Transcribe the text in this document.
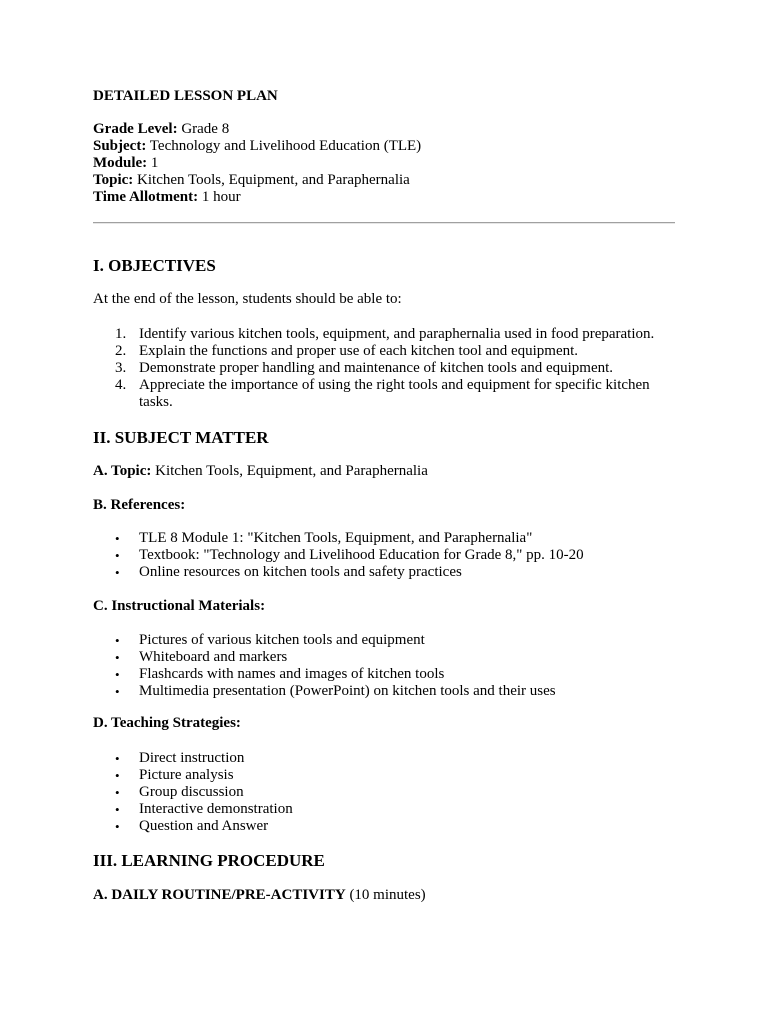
DETAILED LESSON PLAN
Grade Level: Grade 8
Subject: Technology and Livelihood Education (TLE)
Module: 1
Topic: Kitchen Tools, Equipment, and Paraphernalia
Time Allotment: 1 hour
I. OBJECTIVES
At the end of the lesson, students should be able to:
1. Identify various kitchen tools, equipment, and paraphernalia used in food preparation.
2. Explain the functions and proper use of each kitchen tool and equipment.
3. Demonstrate proper handling and maintenance of kitchen tools and equipment.
4. Appreciate the importance of using the right tools and equipment for specific kitchen tasks.
II. SUBJECT MATTER
A. Topic: Kitchen Tools, Equipment, and Paraphernalia
B. References:
• TLE 8 Module 1: "Kitchen Tools, Equipment, and Paraphernalia"
• Textbook: "Technology and Livelihood Education for Grade 8," pp. 10-20
• Online resources on kitchen tools and safety practices
C. Instructional Materials:
• Pictures of various kitchen tools and equipment
• Whiteboard and markers
• Flashcards with names and images of kitchen tools
• Multimedia presentation (PowerPoint) on kitchen tools and their uses
D. Teaching Strategies:
• Direct instruction
• Picture analysis
• Group discussion
• Interactive demonstration
• Question and Answer
III. LEARNING PROCEDURE
A. DAILY ROUTINE/PRE-ACTIVITY (10 minutes)
